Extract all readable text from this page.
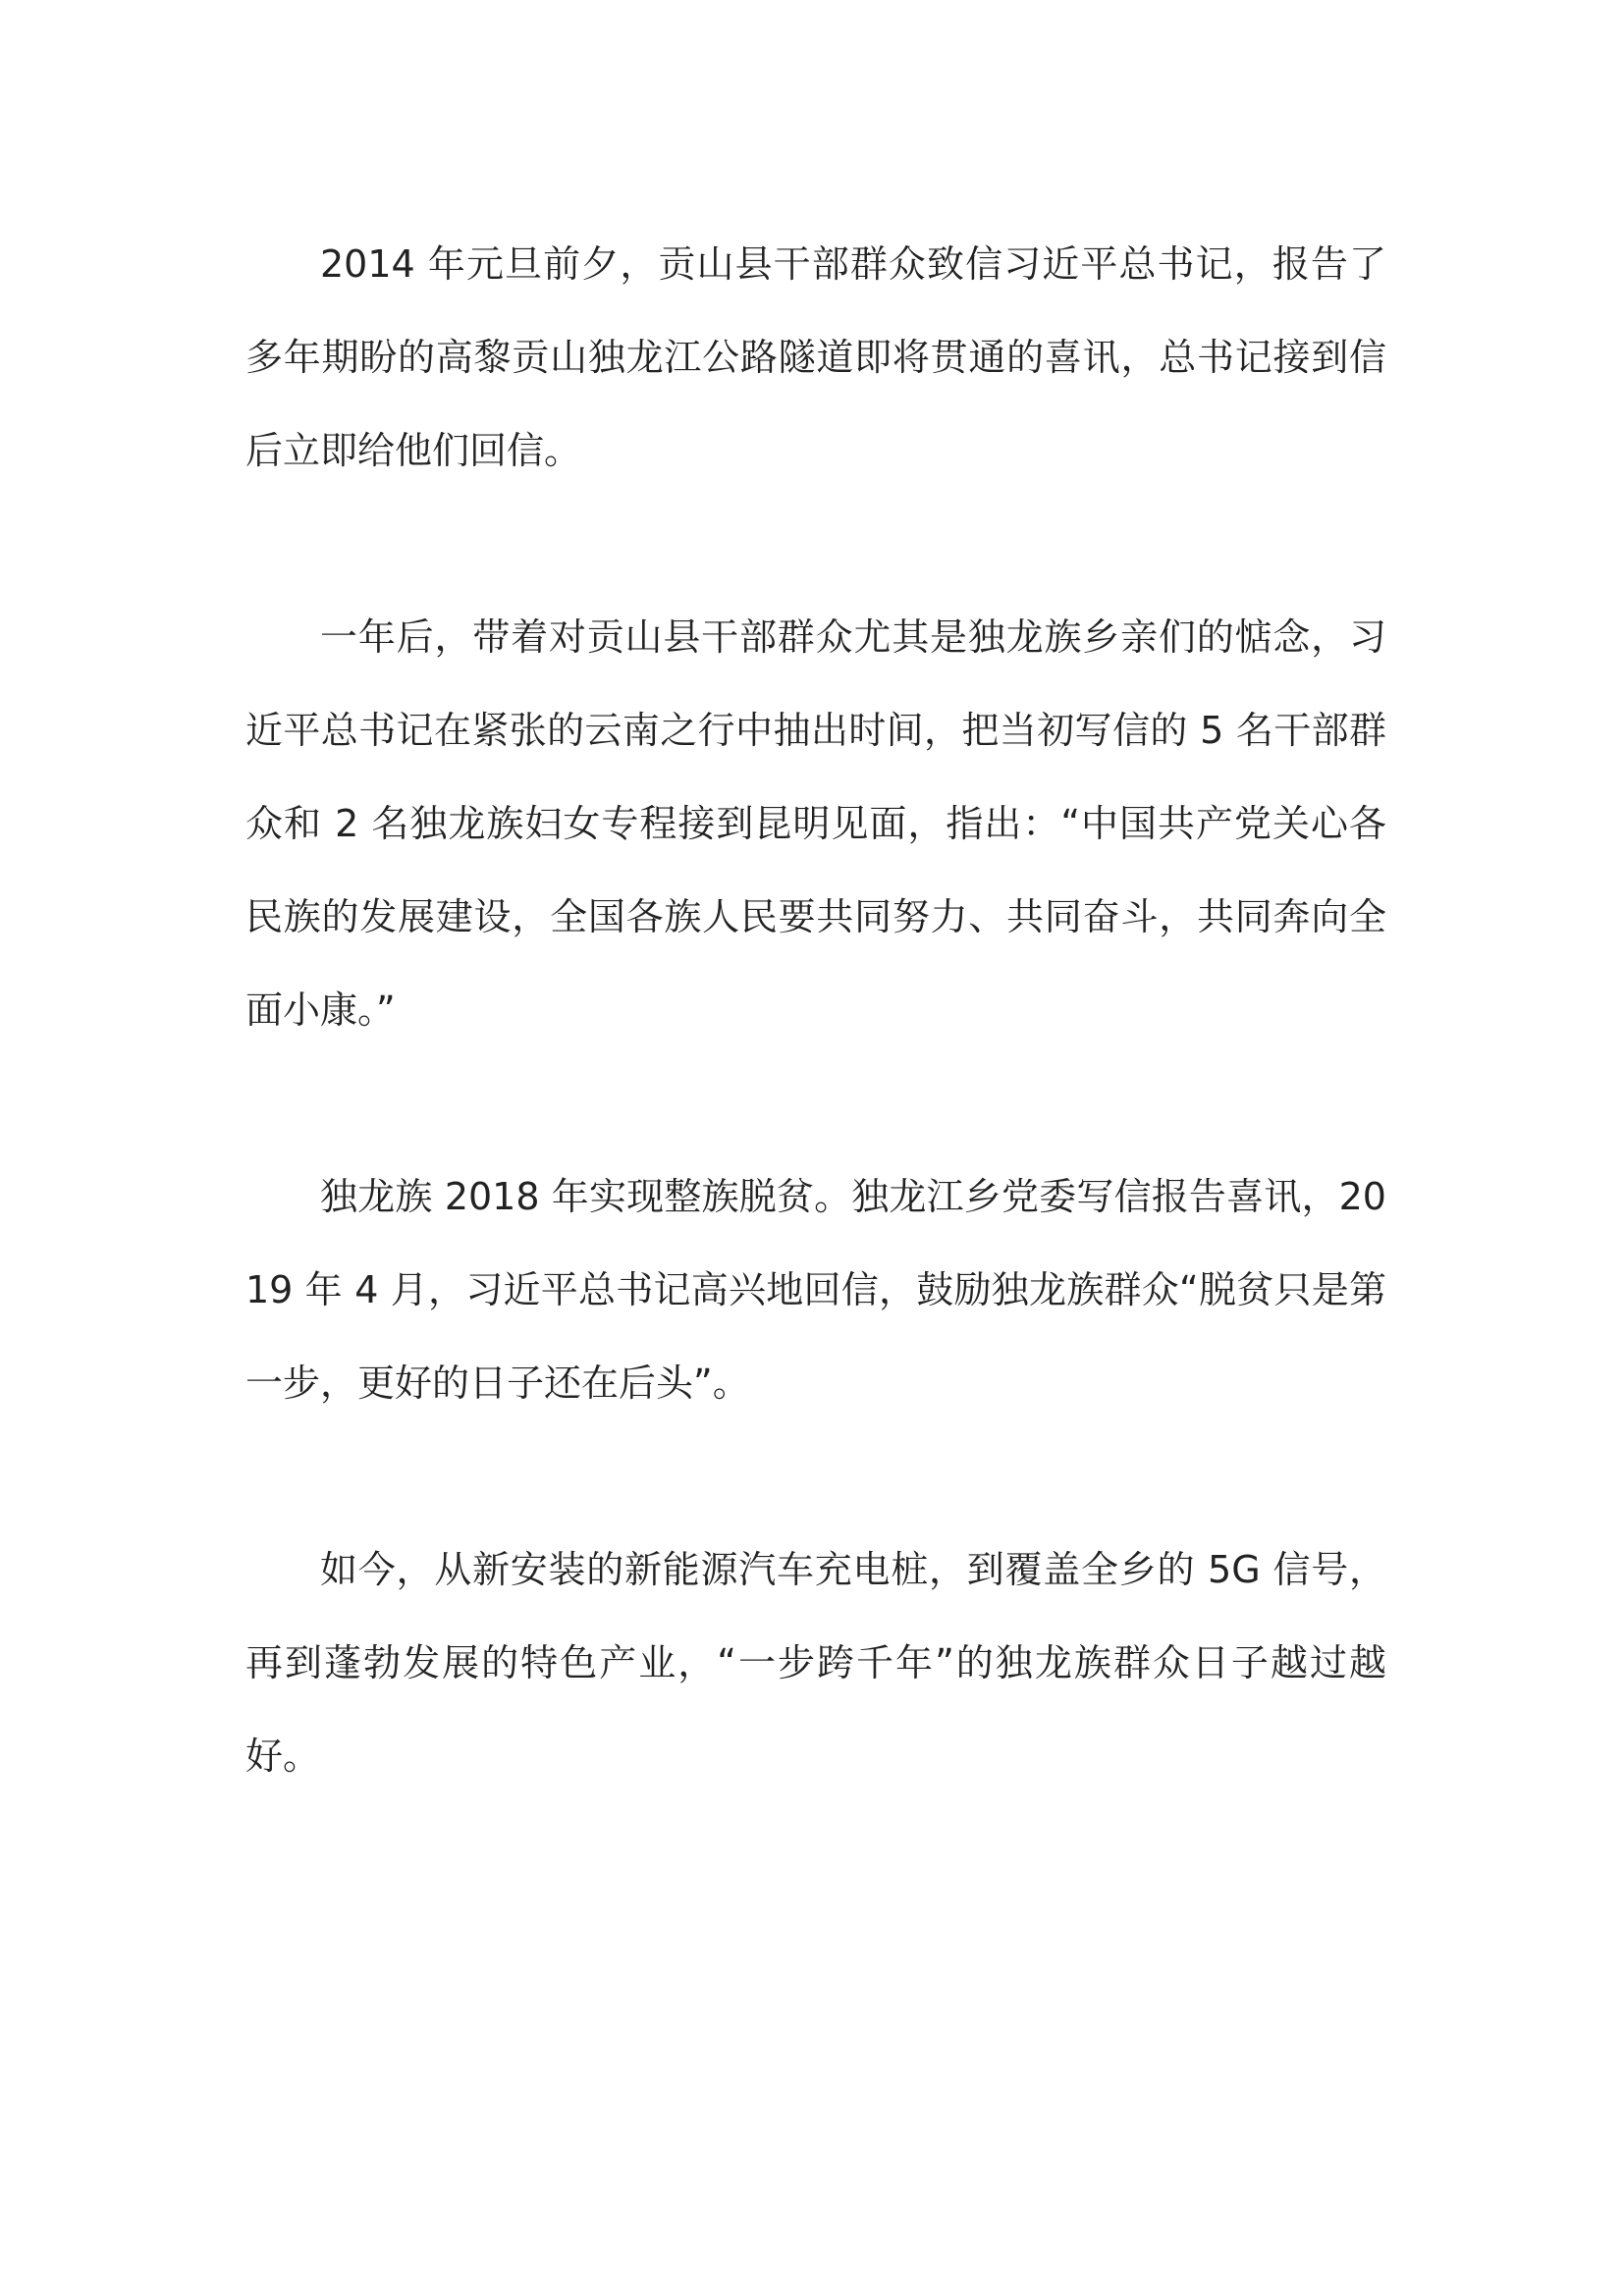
2014 年元旦前夕，贡山县干部群众致信习近平总书记，报告了多年期盼的高黎贡山独龙江公路隧道即将贯通的喜讯，总书记接到信后立即给他们回信。

一年后，带着对贡山县干部群众尤其是独龙族乡亲们的惦念，习近平总书记在紧张的云南之行中抽出时间，把当初写信的 5 名干部群众和 2 名独龙族妇女专程接到昆明见面，指出：“中国共产党关心各民族的发展建设，全国各族人民要共同努力、共同奋斗，共同奔向全面小康。”

独龙族 2018 年实现整族脱贫。独龙江乡党委写信报告喜讯，2019 年 4 月，习近平总书记高兴地回信，鼓励独龙族群众“脱贫只是第一步，更好的日子还在后头”。

如今，从新安装的新能源汽车充电桩，到覆盖全乡的 5G 信号，再到蓬勃发展的特色产业，“一步跨千年”的独龙族群众日子越过越好。
